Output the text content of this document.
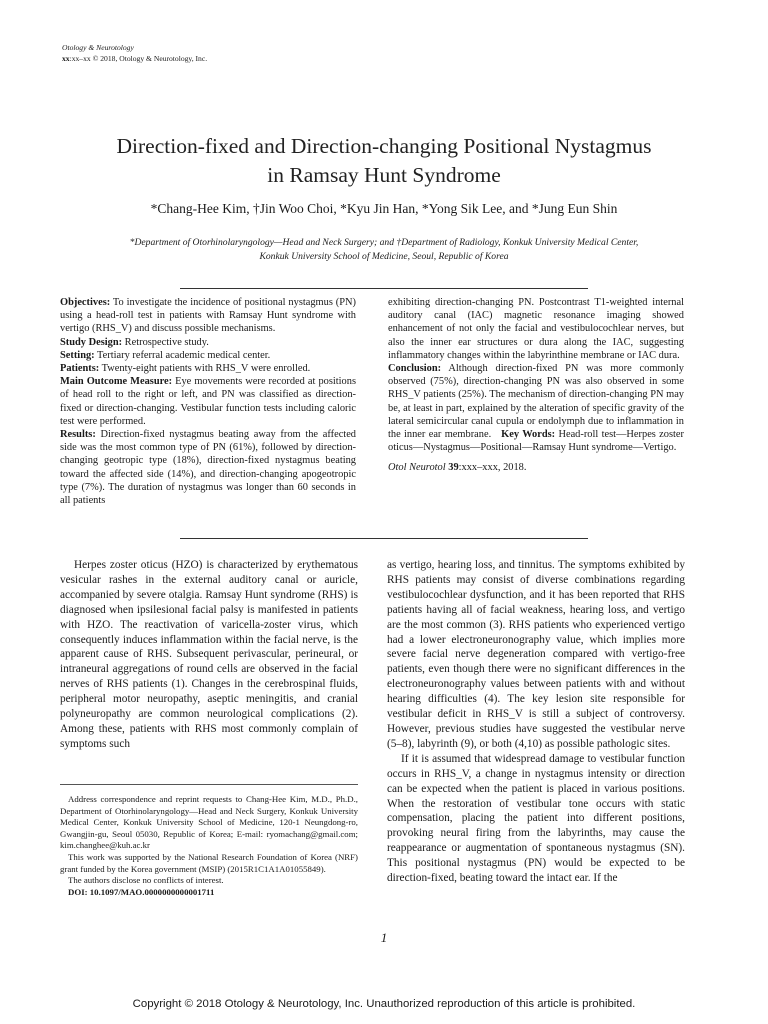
Otology & Neurotology
xx:xx–xx © 2018, Otology & Neurotology, Inc.
Direction-fixed and Direction-changing Positional Nystagmus
in Ramsay Hunt Syndrome
*Chang-Hee Kim, †Jin Woo Choi, *Kyu Jin Han, *Yong Sik Lee, and *Jung Eun Shin
*Department of Otorhinolaryngology—Head and Neck Surgery; and †Department of Radiology, Konkuk University Medical Center,
Konkuk University School of Medicine, Seoul, Republic of Korea

Objectives: To investigate the incidence of positional nystagmus (PN) using a head-roll test in patients with Ramsay Hunt syndrome with vertigo (RHS_V) and discuss possible mechanisms.

Study Design: Retrospective study.

Setting: Tertiary referral academic medical center.

Patients: Twenty-eight patients with RHS_V were enrolled.

Main Outcome Measure: Eye movements were recorded at positions of head roll to the right or left, and PN was classified as direction-fixed or direction-changing. Vestibular function tests including caloric test were performed.

Results: Direction-fixed nystagmus beating away from the affected side was the most common type of PN (61%), followed by direction-changing geotropic type (18%), direction-fixed nystagmus beating toward the affected side (14%), and direction-changing apogeotropic type (7%). The duration of nystagmus was longer than 60 seconds in all patients

exhibiting direction-changing PN. Postcontrast T1-weighted internal auditory canal (IAC) magnetic resonance imaging showed enhancement of not only the facial and vestibulocochlear nerves, but also the inner ear structures or dura along the IAC, suggesting inflammatory changes within the labyrinthine membrane or IAC dura.

Conclusion: Although direction-fixed PN was more commonly observed (75%), direction-changing PN was also observed in some RHS_V patients (25%). The mechanism of direction-changing PN may be, at least in part, explained by the alteration of specific gravity of the lateral semicircular canal cupula or endolymph due to inflammation in the inner ear membrane. Key Words: Head-roll test—Herpes zoster oticus—Nystagmus—Positional—Ramsay Hunt syndrome—Vertigo.

Otol Neurotol 39:xxx–xxx, 2018.

Herpes zoster oticus (HZO) is characterized by erythematous vesicular rashes in the external auditory canal or auricle, accompanied by severe otalgia. Ramsay Hunt syndrome (RHS) is diagnosed when ipsilesional facial palsy is manifested in patients with HZO. The reactivation of varicella-zoster virus, which consequently induces inflammation within the facial nerve, is the apparent cause of RHS. Subsequent perivascular, perineural, or intraneural aggregations of round cells are observed in the facial nerves of RHS patients (1). Changes in the cerebrospinal fluids, peripheral motor neuropathy, aseptic meningitis, and cranial polyneuropathy are common neurological complications (2). Among these, patients with RHS most commonly complain of symptoms such

as vertigo, hearing loss, and tinnitus. The symptoms exhibited by RHS patients may consist of diverse combinations regarding vestibulocochlear dysfunction, and it has been reported that RHS patients having all of facial weakness, hearing loss, and vertigo are the most common (3). RHS patients who experienced vertigo had a lower electroneuronography value, which implies more severe facial nerve degeneration compared with vertigo-free patients, even though there were no significant differences in the electroneuronography values between patients with and without hearing difficulties (4). The key lesion site responsible for vestibular deficit in RHS_V is still a subject of controversy. However, previous studies have suggested the vestibular nerve (5–8), labyrinth (9), or both (4,10) as possible pathologic sites.

If it is assumed that widespread damage to vestibular function occurs in RHS_V, a change in nystagmus intensity or direction can be expected when the patient is placed in various positions. When the restoration of vestibular tone occurs with static compensation, placing the patient into different positions, provoking neural firing from the labyrinths, may cause the reappearance or augmentation of spontaneous nystagmus (SN). This positional nystagmus (PN) would be expected to be direction-fixed, beating toward the intact ear. If the

Address correspondence and reprint requests to Chang-Hee Kim, M.D., Ph.D., Department of Otorhinolaryngology—Head and Neck Surgery, Konkuk University Medical Center, Konkuk University School of Medicine, 120-1 Neungdong-ro, Gwangjin-gu, Seoul 05030, Republic of Korea; E-mail: ryomachang@gmail.com; kim.changhee@kuh.ac.kr

This work was supported by the National Research Foundation of Korea (NRF) grant funded by the Korea government (MSIP) (2015R1C1A1A01055849).

The authors disclose no conflicts of interest.

DOI: 10.1097/MAO.0000000000001711

1
Copyright © 2018 Otology & Neurotology, Inc. Unauthorized reproduction of this article is prohibited.
